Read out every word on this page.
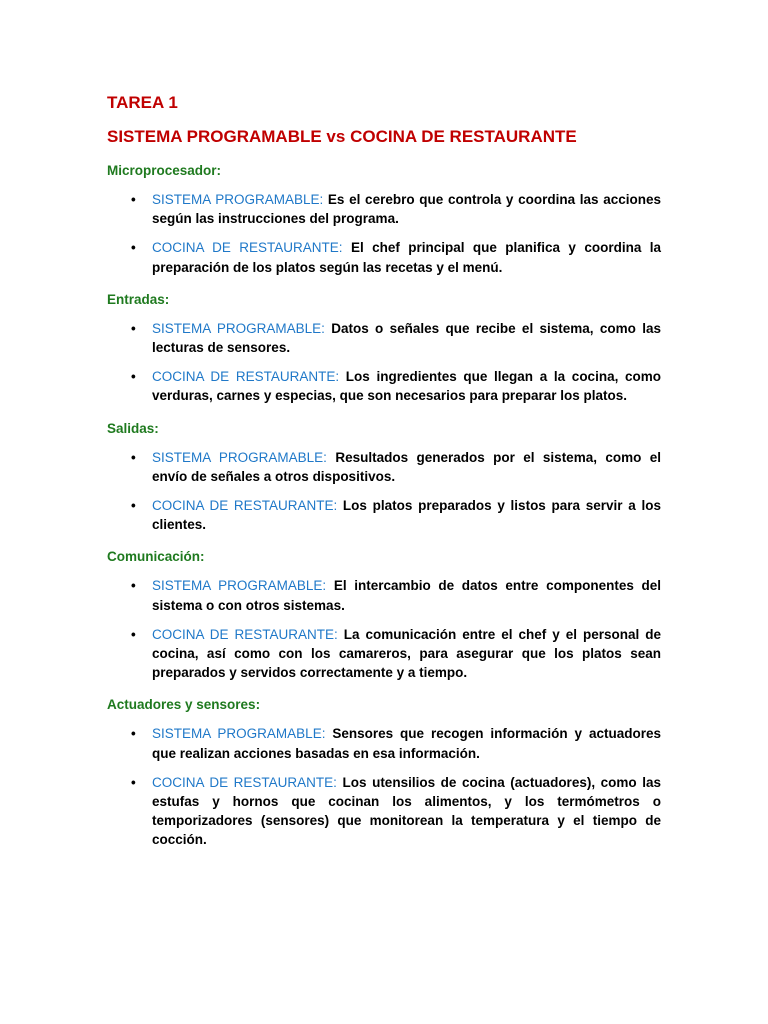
TAREA 1
SISTEMA PROGRAMABLE vs COCINA DE RESTAURANTE
Microprocesador:
• SISTEMA PROGRAMABLE: Es el cerebro que controla y coordina las acciones según las instrucciones del programa.
• COCINA DE RESTAURANTE: El chef principal que planifica y coordina la preparación de los platos según las recetas y el menú.
Entradas:
• SISTEMA PROGRAMABLE: Datos o señales que recibe el sistema, como las lecturas de sensores.
• COCINA DE RESTAURANTE: Los ingredientes que llegan a la cocina, como verduras, carnes y especias, que son necesarios para preparar los platos.
Salidas:
• SISTEMA PROGRAMABLE: Resultados generados por el sistema, como el envío de señales a otros dispositivos.
• COCINA DE RESTAURANTE: Los platos preparados y listos para servir a los clientes.
Comunicación:
• SISTEMA PROGRAMABLE: El intercambio de datos entre componentes del sistema o con otros sistemas.
• COCINA DE RESTAURANTE: La comunicación entre el chef y el personal de cocina, así como con los camareros, para asegurar que los platos sean preparados y servidos correctamente y a tiempo.
Actuadores y sensores:
• SISTEMA PROGRAMABLE: Sensores que recogen información y actuadores que realizan acciones basadas en esa información.
• COCINA DE RESTAURANTE: Los utensilios de cocina (actuadores), como las estufas y hornos que cocinan los alimentos, y los termómetros o temporizadores (sensores) que monitorean la temperatura y el tiempo de cocción.
